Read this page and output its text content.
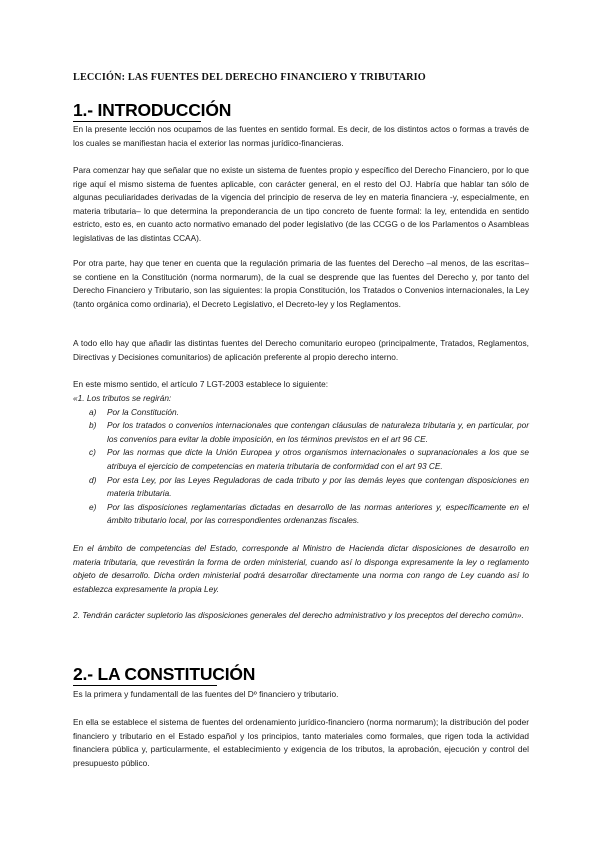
LECCIÓN: LAS FUENTES DEL DERECHO FINANCIERO Y TRIBUTARIO
1.- INTRODUCCIÓN
En la presente lección nos ocupamos de las fuentes en sentido formal. Es decir, de los distintos actos o formas a través de los cuales se manifiestan hacia el exterior las normas jurídico-financieras.
Para comenzar hay que señalar que no existe un sistema de fuentes propio y específico del Derecho Financiero, por lo que rige aquí el mismo sistema de fuentes aplicable, con carácter general, en el resto del OJ. Habría que hablar tan sólo de algunas peculiaridades derivadas de la vigencia del principio de reserva de ley en materia financiera -y, especialmente, en materia tributaria– lo que determina la preponderancia de un tipo concreto de fuente formal: la ley, entendida en sentido estricto, esto es, en cuanto acto normativo emanado del poder legislativo (de las CCGG o de los Parlamentos o Asambleas legislativas de las distintas CCAA).
Por otra parte, hay que tener en cuenta que la regulación primaria de las fuentes del Derecho –al menos, de las escritas– se contiene en la Constitución (norma normarum), de la cual se desprende que las fuentes del Derecho y, por tanto del Derecho Financiero y Tributario, son las siguientes: la propia Constitución, los Tratados o Convenios internacionales, la Ley (tanto orgánica como ordinaria), el Decreto Legislativo, el Decreto-ley y los Reglamentos.
A todo ello hay que añadir las distintas fuentes del Derecho comunitario europeo (principalmente, Tratados, Reglamentos, Directivas y Decisiones comunitarios) de aplicación preferente al propio derecho interno.
En este mismo sentido, el artículo 7 LGT-2003 establece lo siguiente:
«1. Los tributos se regirán:
a)	Por la Constitución.
b)	Por los tratados o convenios internacionales que contengan cláusulas de naturaleza tributaria y, en particular, por los convenios para evitar la doble imposición, en los términos previstos en el art 96 CE.
c)	Por las normas que dicte la Unión Europea y otros organismos internacionales o supranacionales a los que se atribuya el ejercicio de competencias en materia tributaria de conformidad con el art 93 CE.
d)	Por esta Ley, por las Leyes Reguladoras de cada tributo y por las demás leyes que contengan disposiciones en materia tributaria.
e)	Por las disposiciones reglamentarias dictadas en desarrollo de las normas anteriores y, específicamente en el ámbito tributario local, por las correspondientes ordenanzas fiscales.
En el ámbito de competencias del Estado, corresponde al Ministro de Hacienda dictar disposiciones de desarrollo en materia tributaria, que revestirán la forma de orden ministerial, cuando así lo disponga expresamente la ley o reglamento objeto de desarrollo. Dicha orden ministerial podrá desarrollar directamente una norma con rango de Ley cuando así lo establezca expresamente la propia Ley.
2. Tendrán carácter supletorio las disposiciones generales del derecho administrativo y los preceptos del derecho común».
2.- LA CONSTITUCIÓN
Es la primera y fundamentall de las fuentes del Dº financiero y tributario.
En ella se establece el sistema de fuentes del ordenamiento jurídico-financiero (norma normarum); la distribución del poder financiero y tributario en el Estado español y los principios, tanto materiales como formales, que rigen toda la actividad financiera pública y, particularmente, el establecimiento y exigencia de los tributos, la aprobación, ejecución y control del presupuesto público.
